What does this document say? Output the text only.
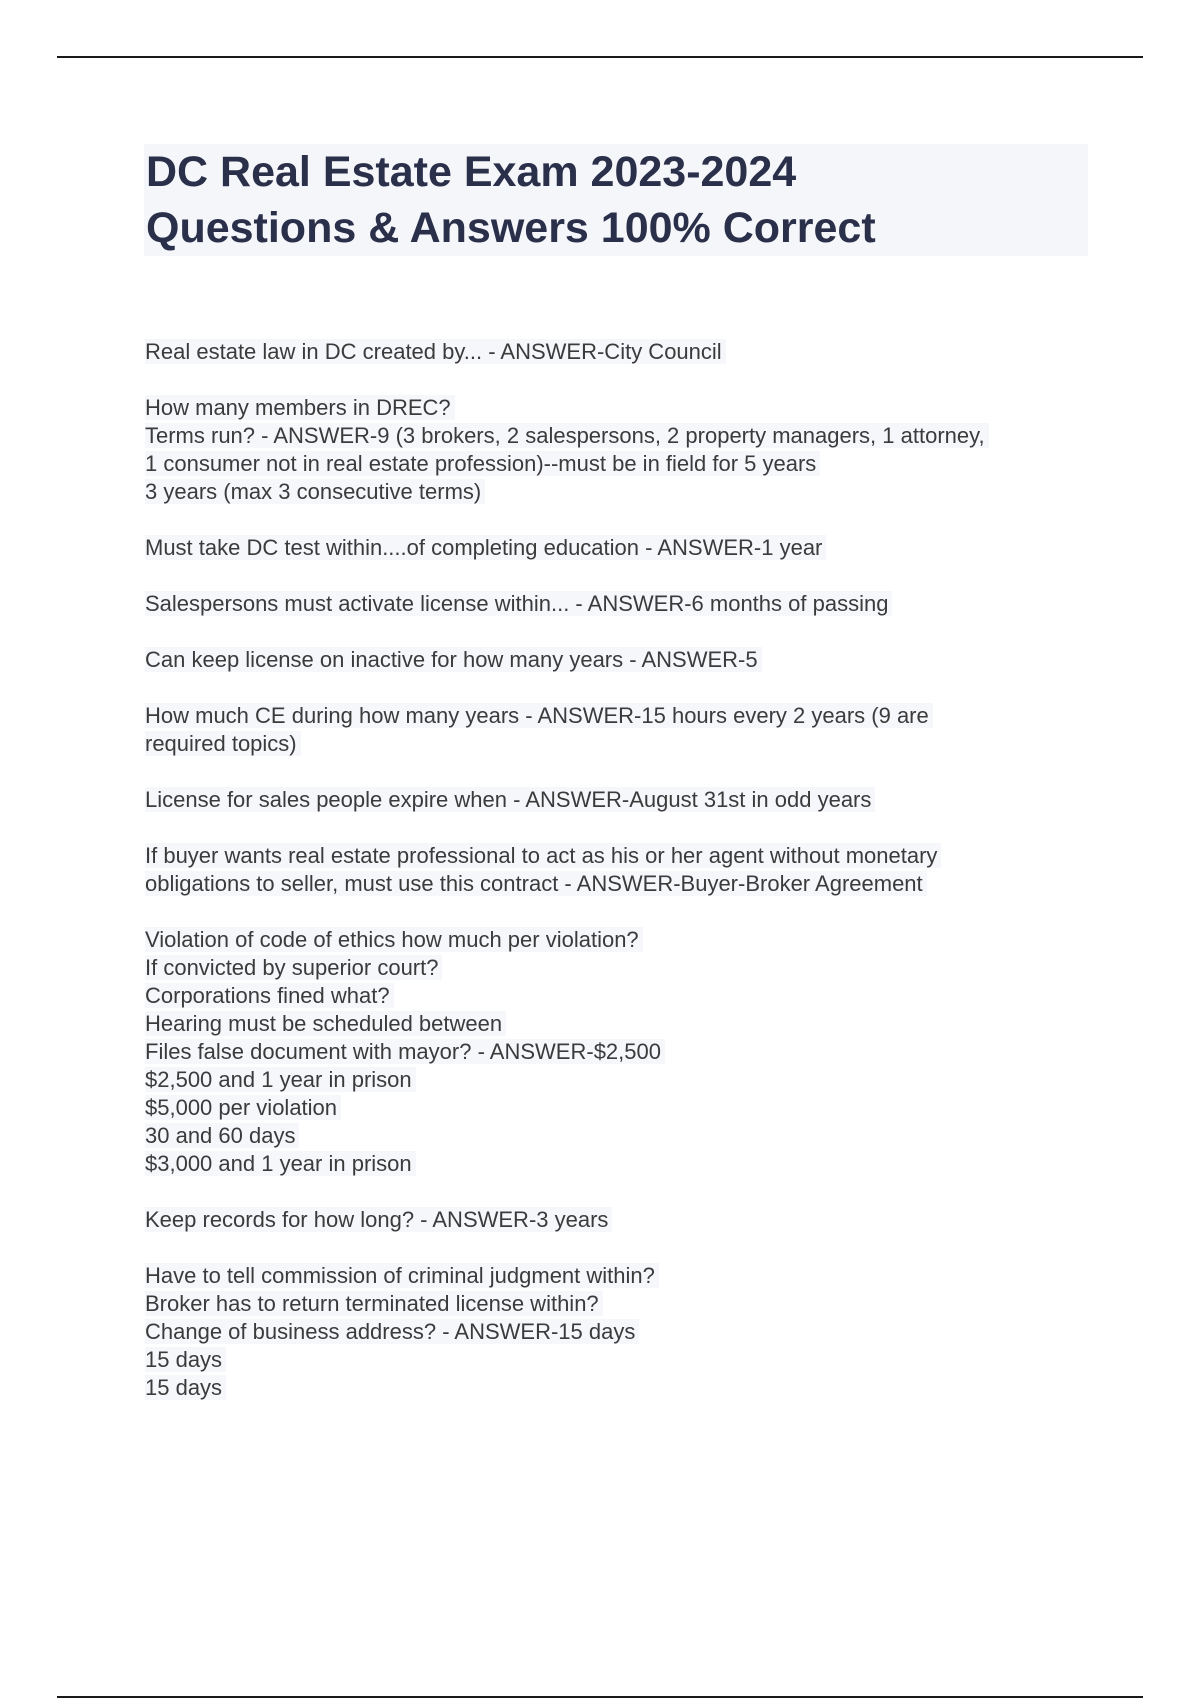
DC Real Estate Exam 2023-2024
Questions & Answers 100% Correct
Real estate law in DC created by... - ANSWER-City Council
How many members in DREC?
Terms run? - ANSWER-9 (3 brokers, 2 salespersons, 2 property managers, 1 attorney,
1 consumer not in real estate profession)--must be in field for 5 years
3 years (max 3 consecutive terms)
Must take DC test within....of completing education - ANSWER-1 year
Salespersons must activate license within... - ANSWER-6 months of passing
Can keep license on inactive for how many years - ANSWER-5
How much CE during how many years - ANSWER-15 hours every 2 years (9 are
required topics)
License for sales people expire when - ANSWER-August 31st in odd years
If buyer wants real estate professional to act as his or her agent without monetary
obligations to seller, must use this contract - ANSWER-Buyer-Broker Agreement
Violation of code of ethics how much per violation?
If convicted by superior court?
Corporations fined what?
Hearing must be scheduled between
Files false document with mayor? - ANSWER-$2,500
$2,500 and 1 year in prison
$5,000 per violation
30 and 60 days
$3,000 and 1 year in prison
Keep records for how long? - ANSWER-3 years
Have to tell commission of criminal judgment within?
Broker has to return terminated license within?
Change of business address? - ANSWER-15 days
15 days
15 days
